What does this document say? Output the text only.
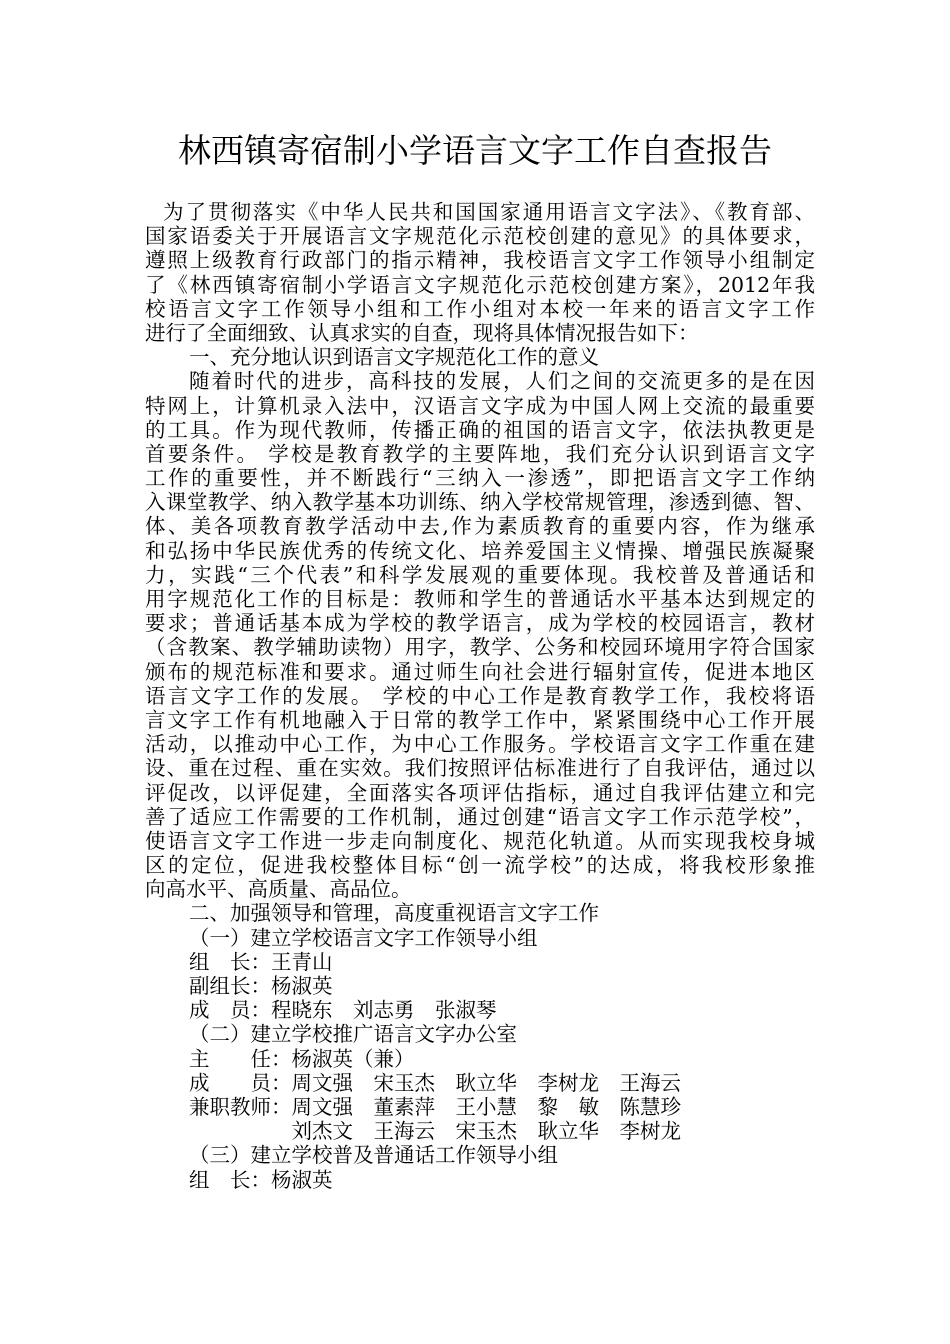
林西镇寄宿制小学语言文字工作自查报告
为了贯彻落实《中华人民共和国国家通用语言文字法》、《教育部、
国家语委关于开展语言文字规范化示范校创建的意见》的具体要求，
遵照上级教育行政部门的指示精神，我校语言文字工作领导小组制定
了《林西镇寄宿制小学语言文字规范化示范校创建方案》，2012年我
校语言文字工作领导小组和工作小组对本校一年来的语言文字工作
进行了全面细致、认真求实的自查，现将具体情况报告如下：
一、充分地认识到语言文字规范化工作的意义
随着时代的进步，高科技的发展，人们之间的交流更多的是在因
特网上，计算机录入法中，汉语言文字成为中国人网上交流的最重要
的工具。作为现代教师，传播正确的祖国的语言文字，依法执教更是
首要条件。 学校是教育教学的主要阵地，我们充分认识到语言文字
工作的重要性，并不断践行“三纳入一渗透”，即把语言文字工作纳
入课堂教学、纳入教学基本功训练、纳入学校常规管理，渗透到德、智、
体、美各项教育教学活动中去,作为素质教育的重要内容，作为继承
和弘扬中华民族优秀的传统文化、培养爱国主义情操、增强民族凝聚
力，实践“三个代表”和科学发展观的重要体现。我校普及普通话和
用字规范化工作的目标是：教师和学生的普通话水平基本达到规定的
要求；普通话基本成为学校的教学语言，成为学校的校园语言，教材
（含教案、教学辅助读物）用字，教学、公务和校园环境用字符合国家
颁布的规范标准和要求。通过师生向社会进行辐射宣传，促进本地区
语言文字工作的发展。 学校的中心工作是教育教学工作，我校将语
言文字工作有机地融入于日常的教学工作中，紧紧围绕中心工作开展
活动，以推动中心工作，为中心工作服务。学校语言文字工作重在建
设、重在过程、重在实效。我们按照评估标准进行了自我评估，通过以
评促改，以评促建，全面落实各项评估指标，通过自我评估建立和完
善了适应工作需要的工作机制，通过创建“语言文字工作示范学校”，
使语言文字工作进一步走向制度化、规范化轨道。从而实现我校身城
区的定位，促进我校整体目标“创一流学校”的达成，将我校形象推
向高水平、高质量、高品位。
二、加强领导和管理，高度重视语言文字工作
（一）建立学校语言文字工作领导小组
组　长：王青山
副组长：杨淑英
成　员：程晓东　刘志勇　张淑琴
（二）建立学校推广语言文字办公室
主　　任：杨淑英（兼）
成　　员：周文强　宋玉杰　耿立华　李树龙　王海云
兼职教师：周文强　董素萍　王小慧　黎　敏　陈慧珍
　　　　　刘杰文　王海云　宋玉杰　耿立华　李树龙
（三）建立学校普及普通话工作领导小组
组　长：杨淑英
